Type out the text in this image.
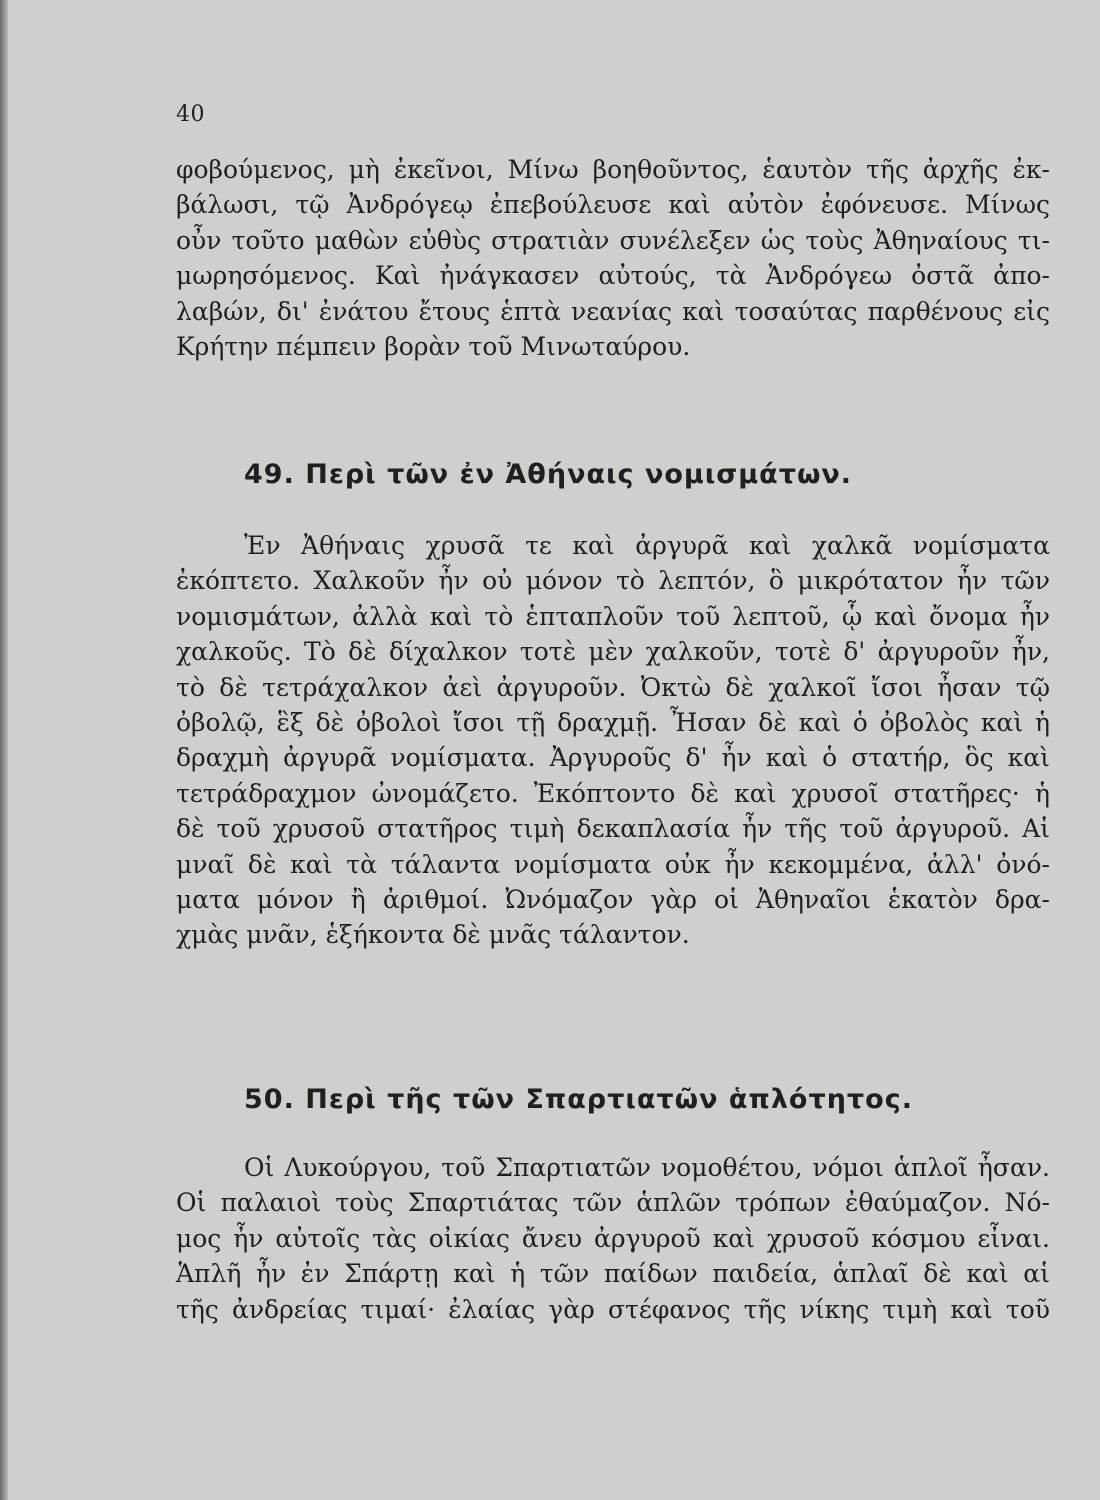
40
φοβούμενος, μὴ ἐκεῖνοι, Μίνω βοηθοῦντος, ἑαυτὸν τῆς ἀρχῆς ἐκ-
βάλωσι, τῷ Ἀνδρόγεῳ ἐπεβούλευσε καὶ αὐτὸν ἐφόνευσε. Μίνως
οὖν τοῦτο μαθὼν εὐθὺς στρατιὰν συνέλεξεν ὡς τοὺς Ἀθηναίους τι-
μωρησόμενος. Καὶ ἠνάγκασεν αὐτούς, τὰ Ἀνδρόγεω ὀστᾶ ἀπο-
λαβών, δι' ἐνάτου ἔτους ἑπτὰ νεανίας καὶ τοσαύτας παρθένους εἰς
Κρήτην πέμπειν βορὰν τοῦ Μινωταύρου.
49. Περὶ τῶν ἐν Ἀθήναις νομισμάτων.
Ἐν Ἀθήναις χρυσᾶ τε καὶ ἀργυρᾶ καὶ χαλκᾶ νομίσματα
ἐκόπτετο. Χαλκοῦν ἦν οὐ μόνον τὸ λεπτόν, ὃ μικρότατον ἦν τῶν
νομισμάτων, ἀλλὰ καὶ τὸ ἑπταπλοῦν τοῦ λεπτοῦ, ᾧ καὶ ὄνομα ἦν
χαλκοῦς. Τὸ δὲ δίχαλκον τοτὲ μὲν χαλκοῦν, τοτὲ δ' ἀργυροῦν ἦν,
τὸ δὲ τετράχαλκον ἀεὶ ἀργυροῦν. Ὀκτὼ δὲ χαλκοῖ ἴσοι ἦσαν τῷ
ὀβολῷ, ἓξ δὲ ὀβολοὶ ἴσοι τῇ δραχμῇ. Ἦσαν δὲ καὶ ὁ ὀβολὸς καὶ ἡ
δραχμὴ ἀργυρᾶ νομίσματα. Ἀργυροῦς δ' ἦν καὶ ὁ στατήρ, ὃς καὶ
τετράδραχμον ὠνομάζετο. Ἐκόπτοντο δὲ καὶ χρυσοῖ στατῆρες· ἡ
δὲ τοῦ χρυσοῦ στατῆρος τιμὴ δεκαπλασία ἦν τῆς τοῦ ἀργυροῦ. Αἱ
μναῖ δὲ καὶ τὰ τάλαντα νομίσματα οὐκ ἦν κεκομμένα, ἀλλ' ὀνό-
ματα μόνον ἢ ἀριθμοί. Ὠνόμαζον γὰρ οἱ Ἀθηναῖοι ἑκατὸν δρα-
χμὰς μνᾶν, ἑξήκοντα δὲ μνᾶς τάλαντον.
50. Περὶ τῆς τῶν Σπαρτιατῶν ἁπλότητος.
Οἱ Λυκούργου, τοῦ Σπαρτιατῶν νομοθέτου, νόμοι ἁπλοῖ ἦσαν.
Οἱ παλαιοὶ τοὺς Σπαρτιάτας τῶν ἁπλῶν τρόπων ἐθαύμαζον. Νό-
μος ἦν αὐτοῖς τὰς οἰκίας ἄνευ ἀργυροῦ καὶ χρυσοῦ κόσμου εἶναι.
Ἁπλῆ ἦν ἐν Σπάρτῃ καὶ ἡ τῶν παίδων παιδεία, ἁπλαῖ δὲ καὶ αἱ
τῆς ἀνδρείας τιμαί· ἐλαίας γὰρ στέφανος τῆς νίκης τιμὴ καὶ τοῦ
